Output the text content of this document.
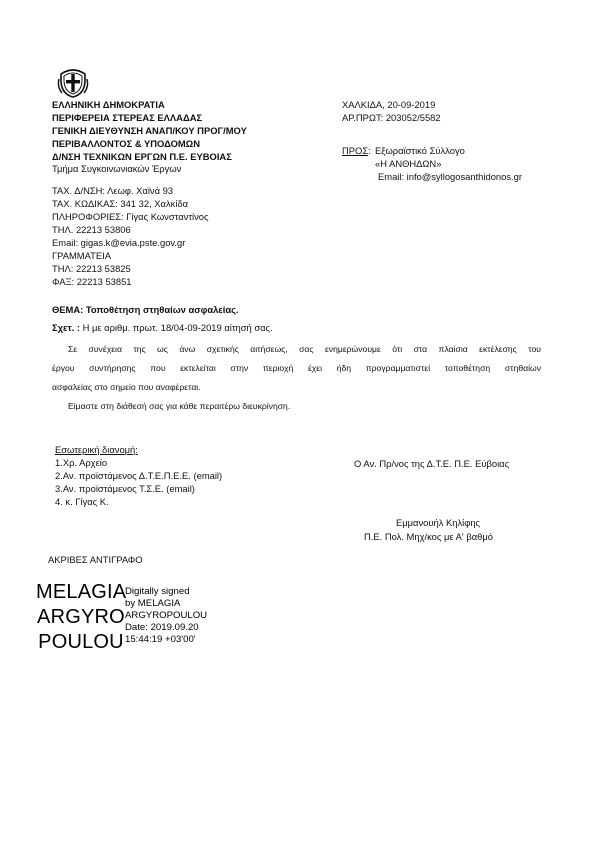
ΕΛΛΗΝΙΚΗ ΔΗΜΟΚΡΑΤΙΑ
ΠΕΡΙΦΕΡΕΙΑ ΣΤΕΡΕΑΣ ΕΛΛΑΔΑΣ
ΓΕΝΙΚΗ ΔΙΕΥΘΥΝΣΗ ΑΝΑΠ/ΚΟΥ ΠΡΟΓ/ΜΟΥ
ΠΕΡΙΒΑΛΛΟΝΤΟΣ & ΥΠΟΔΟΜΩΝ
Δ/ΝΣΗ ΤΕΧΝΙΚΩΝ ΕΡΓΩΝ Π.Ε. ΕΥΒΟΙΑΣ
Τμήμα Συγκοινωνιακών Έργων
ΧΑΛΚΙΔΑ, 20-09-2019
ΑΡ.ΠΡΩΤ: 203052/5582
ΠΡΟΣ: Εξωραϊστικό Σύλλογο
«Η ΑΝΘΗΔΩΝ»
Email: info@syllogosanthidonos.gr
ΤΑΧ. Δ/ΝΣΗ: Λεωφ. Χαϊνά 93
ΤΑΧ. ΚΩΔΙΚΑΣ: 341 32, Χαλκίδα
ΠΛΗΡΟΦΟΡΙΕΣ: Γίγας Κωνσταντίνος
ΤΗΛ. 22213 53806
Email: gigas.k@evia.pste.gov.gr
ΓΡΑΜΜΑΤΕΙΑ
ΤΗΛ: 22213 53825
ΦΑΞ: 22213 53851
ΘΕΜΑ: Τοποθέτηση στηθαίων ασφαλείας.
Σχετ. : Η με αριθμ. πρωτ. 18/04-09-2019 αίτησή σας.
Σε συνέχεια της ως άνω σχετικής αιτήσεως, σας ενημερώνουμε ότι στα πλαίσια εκτέλεσης του
έργου συντήρησης που εκτελείται στην περιοχή έχει ήδη προγραμματιστεί τοποθέτηση στηθαίων
ασφαλείας στο σημείο που αναφέρεται.
Είμαστε στη διάθεσή σας για κάθε περαιτέρω διευκρίνηση.
Εσωτερική διανομή:
1.Χρ. Αρχείο
2.Αν. προϊστάμενος Δ.Τ.Ε.Π.Ε.Ε. (email)
3.Αν. προϊστάμενος Τ.Σ.Ε. (email)
4. κ. Γίγας Κ.
Ο Αν. Πρ/νος της Δ.Τ.Ε. Π.Ε. Εύβοιας
Εμμανουήλ Κηλίφης
Π.Ε. Πολ. Μηχ/κος με Α' βαθμό
ΑΚΡΙΒΕΣ ΑΝΤΙΓΡΑΦΟ
MELAGIA
ARGYRO
POULOU
Digitally signed
by MELAGIA
ARGYROPOULOU
Date: 2019.09.20
15:44:19 +03'00'
